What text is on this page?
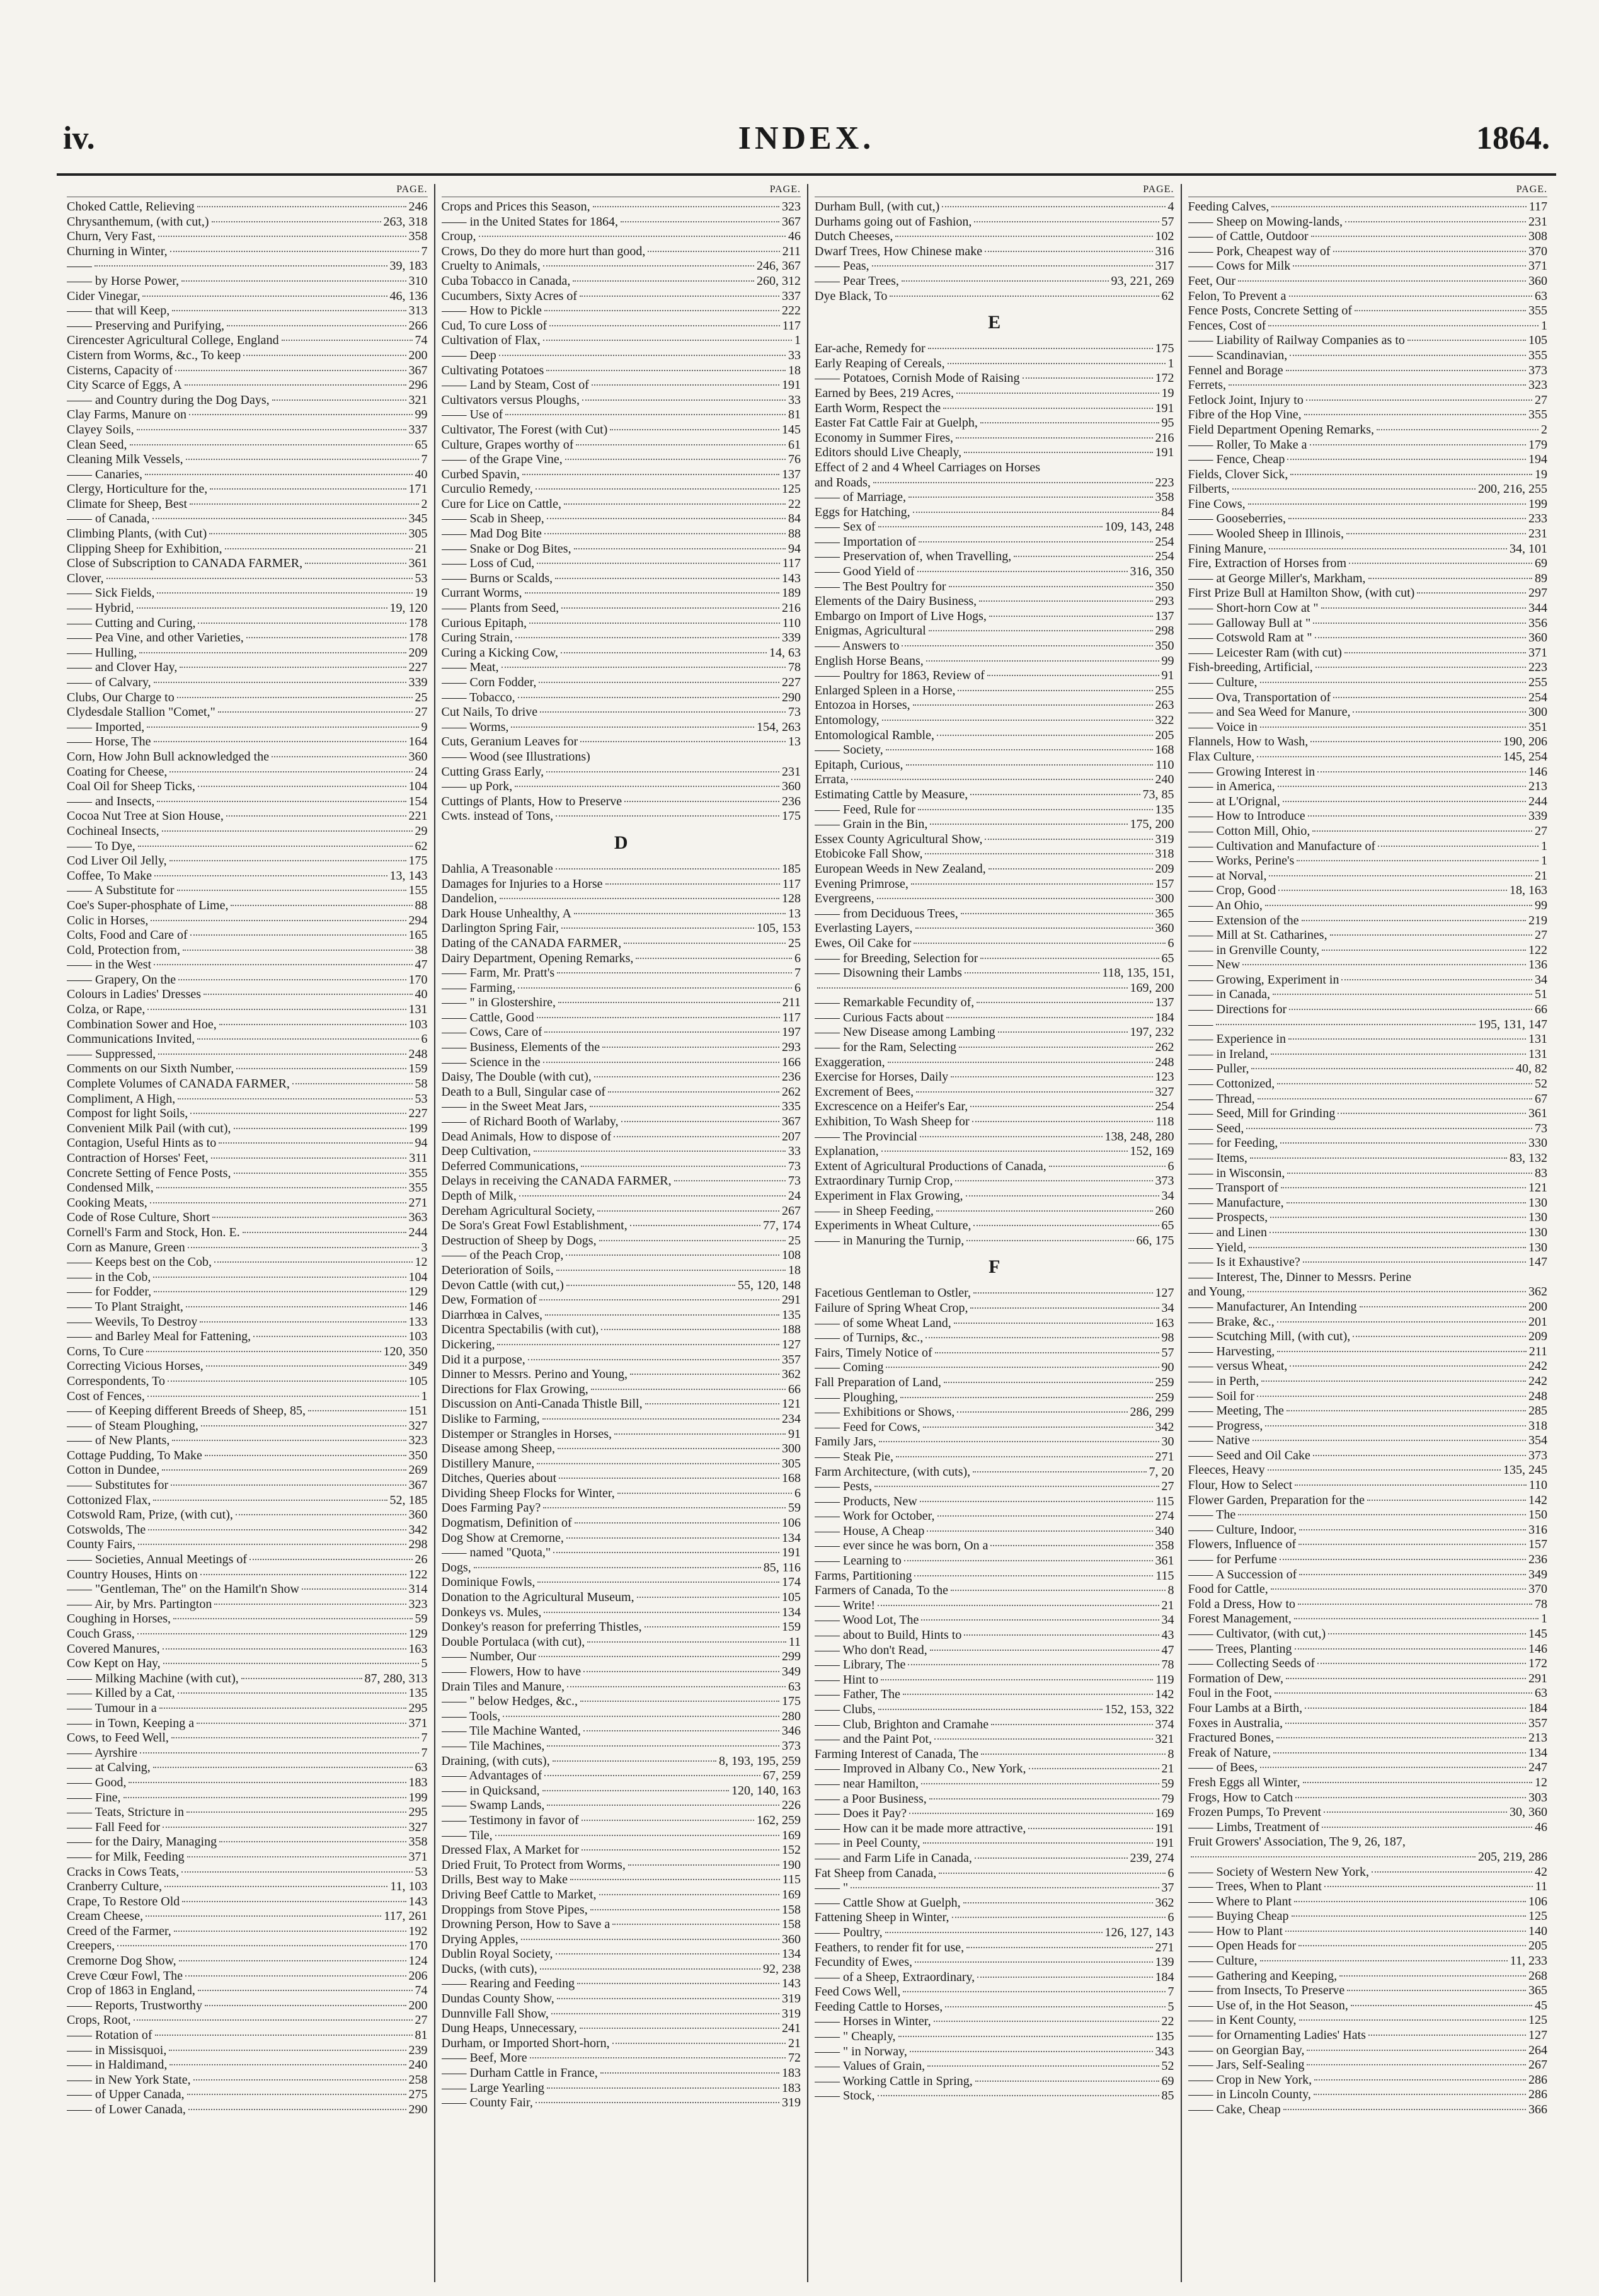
iv.	INDEX.	1864.
PAGE.
Choked Cattle, Relieving	246
Chrysanthemum, (with cut,)	263, 318
Churn, Very Fast,	358
Churning in Winter,	7
——	39, 183
—— by Horse Power,	310
Cider Vinegar,	46, 136
—— that will Keep,	313
—— Preserving and Purifying,	266
Cirencester Agricultural College, England	74
Cistern from Worms, &c., To keep	200
Cisterns, Capacity of	367
City Scarce of Eggs, A	296
—— and Country during the Dog Days,	321
Clay Farms, Manure on	99
Clayey Soils,	337
Clean Seed,	65
Cleaning Milk Vessels,	7
—— Canaries,	40
Clergy, Horticulture for the,	171
Climate for Sheep, Best	2
—— of Canada,	345
Climbing Plants, (with Cut)	305
Clipping Sheep for Exhibition,	21
Close of Subscription to CANADA FARMER,	361
Clover,	53
—— Sick Fields,	19
—— Hybrid,	19, 120
—— Cutting and Curing,	178
—— Pea Vine, and other Varieties,	178
—— Hulling,	209
—— and Clover Hay,	227
—— of Calvary,	339
Clubs, Our Charge to	25
Clydesdale Stallion "Comet,"	27
—— Imported,	9
—— Horse, The	164
Corn, How John Bull acknowledged the	360
Coating for Cheese,	24
Coal Oil for Sheep Ticks,	104
—— and Insects,	154
Cocoa Nut Tree at Sion House,	221
Cochineal Insects,	29
—— To Dye,	62
Cod Liver Oil Jelly,	175
Coffee, To Make	13, 143
—— A Substitute for	155
Coe's Super-phosphate of Lime,	88
Colic in Horses,	294
Colts, Food and Care of	165
Cold, Protection from,	38
—— in the West	47
—— Grapery, On the	170
Colours in Ladies' Dresses	40
Colza, or Rape,	131
Combination Sower and Hoe,	103
Communications Invited,	6
—— Suppressed,	248
Comments on our Sixth Number,	159
Complete Volumes of CANADA FARMER,	58
Compliment, A High,	53
Compost for light Soils,	227
Convenient Milk Pail (with cut),	199
Contagion, Useful Hints as to	94
Contraction of Horses' Feet,	311
Concrete Setting of Fence Posts,	355
Condensed Milk,	355
Cooking Meats,	271
Code of Rose Culture, Short	363
Cornell's Farm and Stock, Hon. E.	244
Corn as Manure, Green	3
—— Keeps best on the Cob,	12
—— in the Cob,	104
—— for Fodder,	129
—— To Plant Straight,	146
—— Weevils, To Destroy	133
—— and Barley Meal for Fattening,	103
Corns, To Cure	120, 350
Correcting Vicious Horses,	349
Correspondents, To	105
Cost of Fences,	1
—— of Keeping different Breeds of Sheep, 85,	151
—— of Steam Ploughing,	327
—— of New Plants,	323
Cottage Pudding, To Make	350
Cotton in Dundee,	269
—— Substitutes for	367
Cottonized Flax,	52, 185
Cotswold Ram, Prize, (with cut),	360
Cotswolds, The	342
County Fairs,	298
—— Societies, Annual Meetings of	26
Country Houses, Hints on	122
—— "Gentleman, The" on the Hamilt'n Show	314
—— Air, by Mrs. Partington	323
Coughing in Horses,	59
Couch Grass,	129
Covered Manures,	163
Cow Kept on Hay,	5
—— Milking Machine (with cut),	87, 280, 313
—— Killed by a Cat,	135
—— Tumour in a	295
—— in Town, Keeping a	371
Cows, to Feed Well,	7
—— Ayrshire	7
—— at Calving,	63
—— Good,	183
—— Fine,	199
—— Teats, Stricture in	295
—— Fall Feed for	327
—— for the Dairy, Managing	358
—— for Milk, Feeding	371
Cracks in Cows Teats,	53
Cranberry Culture,	11, 103
Crape, To Restore Old	143
Cream Cheese,	117, 261
Creed of the Farmer,	192
Creepers,	170
Cremorne Dog Show,	124
Creve Cœur Fowl, The	206
Crop of 1863 in England,	74
—— Reports, Trustworthy	200
Crops, Root,	27
—— Rotation of	81
—— in Missisquoi,	239
—— in Haldimand,	240
—— in New York State,	258
—— of Upper Canada,	275
—— of Lower Canada,	290
PAGE.
Crops and Prices this Season,	323
—— in the United States for 1864,	367
Croup,	46
Crows, Do they do more hurt than good,	211
Cruelty to Animals,	246, 367
Cuba Tobacco in Canada,	260, 312
Cucumbers, Sixty Acres of	337
—— How to Pickle	222
Cud, To cure Loss of	117
Cultivation of Flax,	1
—— Deep	33
Cultivating Potatoes	18
—— Land by Steam, Cost of	191
Cultivators versus Ploughs,	33
—— Use of	81
Cultivator, The Forest (with Cut)	145
Culture, Grapes worthy of	61
—— of the Grape Vine,	76
Curbed Spavin,	137
Curculio Remedy,	125
Cure for Lice on Cattle,	22
—— Scab in Sheep,	84
—— Mad Dog Bite	88
—— Snake or Dog Bites,	94
—— Loss of Cud,	117
—— Burns or Scalds,	143
Currant Worms,	189
—— Plants from Seed,	216
Curious Epitaph,	110
Curing Strain,	339
Curing a Kicking Cow,	14, 63
—— Meat,	78
—— Corn Fodder,	227
—— Tobacco,	290
Cut Nails, To drive	73
—— Worms,	154, 263
Cuts, Geranium Leaves for	13
—— Wood (see Illustrations)
Cutting Grass Early,	231
—— up Pork,	360
Cuttings of Plants, How to Preserve	236
Cwts. instead of Tons,	175
D
Dahlia, A Treasonable	185
Damages for Injuries to a Horse	117
Dandelion,	128
Dark House Unhealthy, A	13
Darlington Spring Fair,	105, 153
Dating of the CANADA FARMER,	25
Dairy Department, Opening Remarks,	6
—— Farm, Mr. Pratt's	7
—— Farming,	6
—— " in Glostershire,	211
—— Cattle, Good	117
—— Cows, Care of	197
—— Business, Elements of the	293
—— Science in the	166
Daisy, The Double (with cut),	236
Death to a Bull, Singular case of	262
—— in the Sweet Meat Jars,	335
—— of Richard Booth of Warlaby,	367
Dead Animals, How to dispose of	207
Deep Cultivation,	33
Deferred Communications,	73
Delays in receiving the CANADA FARMER,	73
Depth of Milk,	24
Dereham Agricultural Society,	267
De Sora's Great Fowl Establishment,	77, 174
Destruction of Sheep by Dogs,	25
—— of the Peach Crop,	108
Deterioration of Soils,	18
Devon Cattle (with cut,)	55, 120, 148
Dew, Formation of	291
Diarrhœa in Calves,	135
Dicentra Spectabilis (with cut),	188
Dickering,	127
Did it a purpose,	357
Dinner to Messrs. Perino and Young,	362
Directions for Flax Growing,	66
Discussion on Anti-Canada Thistle Bill,	121
Dislike to Farming,	234
Distemper or Strangles in Horses,	91
Disease among Sheep,	300
Distillery Manure,	305
Ditches, Queries about	168
Dividing Sheep Flocks for Winter,	6
Does Farming Pay?	59
Dogmatism, Definition of	106
Dog Show at Cremorne,	134
—— named "Quota,"	191
Dogs,	85, 116
Dominique Fowls,	174
Donation to the Agricultural Museum,	105
Donkeys vs. Mules,	134
Donkey's reason for preferring Thistles,	159
Double Portulaca (with cut),	11
—— Number, Our	299
—— Flowers, How to have	349
Drain Tiles and Manure,	63
—— " below Hedges, &c.,	175
—— Tools,	280
—— Tile Machine Wanted,	346
—— Tile Machines,	373
Draining, (with cuts),	8, 193, 195, 259
—— Advantages of	67, 259
—— in Quicksand,	120, 140, 163
—— Swamp Lands,	226
—— Testimony in favor of	162, 259
—— Tile,	169
Dressed Flax, A Market for	152
Dried Fruit, To Protect from Worms,	190
Drills, Best way to Make	115
Driving Beef Cattle to Market,	169
Droppings from Stove Pipes,	158
Drowning Person, How to Save a	158
Drying Apples,	360
Dublin Royal Society,	134
Ducks, (with cuts),	92, 238
—— Rearing and Feeding	143
Dundas County Show,	319
Dunnville Fall Show,	319
Dung Heaps, Unnecessary,	241
Durham, or Imported Short-horn,	21
—— Beef, More	72
—— Durham Cattle in France,	183
—— Large Yearling	183
—— County Fair,	319
PAGE.
Durham Bull, (with cut,)	4
Durhams going out of Fashion,	57
Dutch Cheeses,	102
Dwarf Trees, How Chinese make	316
—— Peas,	317
—— Pear Trees,	93, 221, 269
Dye Black, To	62
E
Ear-ache, Remedy for	175
Early Reaping of Cereals,	1
—— Potatoes, Cornish Mode of Raising	172
Earned by Bees, 219 Acres,	19
Earth Worm, Respect the	191
Easter Fat Cattle Fair at Guelph,	95
Economy in Summer Fires,	216
Editors should Live Cheaply,	191
Effect of 2 and 4 Wheel Carriages on Horses
and Roads,	223
—— of Marriage,	358
Eggs for Hatching,	84
—— Sex of	109, 143, 248
—— Importation of	254
—— Preservation of, when Travelling,	254
—— Good Yield of	316, 350
—— The Best Poultry for	350
Elements of the Dairy Business,	293
Embargo on Import of Live Hogs,	137
Enigmas, Agricultural	298
—— Answers to	350
English Horse Beans,	99
—— Poultry for 1863, Review of	91
Enlarged Spleen in a Horse,	255
Entozoa in Horses,	263
Entomology,	322
Entomological Ramble,	205
—— Society,	168
Epitaph, Curious,	110
Errata,	240
Estimating Cattle by Measure,	73, 85
—— Feed, Rule for	135
—— Grain in the Bin,	175, 200
Essex County Agricultural Show,	319
Etobicoke Fall Show,	318
European Weeds in New Zealand,	209
Evening Primrose,	157
Evergreens,	300
—— from Deciduous Trees,	365
Everlasting Layers,	360
Ewes, Oil Cake for	6
—— for Breeding, Selection for	65
—— Disowning their Lambs	118, 135, 151,
169, 200
—— Remarkable Fecundity of,	137
—— Curious Facts about	184
—— New Disease among Lambing	197, 232
—— for the Ram, Selecting	262
Exaggeration,	248
Exercise for Horses, Daily	123
Excrement of Bees,	327
Excrescence on a Heifer's Ear,	254
Exhibition, To Wash Sheep for	118
—— The Provincial	138, 248, 280
Explanation,	152, 169
Extent of Agricultural Productions of Canada,	6
Extraordinary Turnip Crop,	373
Experiment in Flax Growing,	34
—— in Sheep Feeding,	260
Experiments in Wheat Culture,	65
—— in Manuring the Turnip,	66, 175
F
Facetious Gentleman to Ostler,	127
Failure of Spring Wheat Crop,	34
—— of some Wheat Land,	163
—— of Turnips, &c.,	98
Fairs, Timely Notice of	57
—— Coming	90
Fall Preparation of Land,	259
—— Ploughing,	259
—— Exhibitions or Shows,	286, 299
—— Feed for Cows,	342
Family Jars,	30
—— Steak Pie,	271
Farm Architecture, (with cuts),	7, 20
—— Pests,	27
—— Products, New	115
—— Work for October,	274
—— House, A Cheap	340
—— ever since he was born, On a	358
—— Learning to	361
Farms, Partitioning	115
Farmers of Canada, To the	8
—— Write!	21
—— Wood Lot, The	34
—— about to Build, Hints to	43
—— Who don't Read,	47
—— Library, The	78
—— Hint to	119
—— Father, The	142
—— Clubs,	152, 153, 322
—— Club, Brighton and Cramahe	374
—— and the Paint Pot,	321
Farming Interest of Canada, The	8
—— Improved in Albany Co., New York,	21
—— near Hamilton,	59
—— a Poor Business,	79
—— Does it Pay?	169
—— How can it be made more attractive,	191
—— in Peel County,	191
—— and Farm Life in Canada,	239, 274
Fat Sheep from Canada,	6
—— "	37
—— Cattle Show at Guelph,	362
Fattening Sheep in Winter,	6
—— Poultry,	126, 127, 143
Feathers, to render fit for use,	271
Fecundity of Ewes,	139
—— of a Sheep, Extraordinary,	184
Feed Cows Well,	7
Feeding Cattle to Horses,	5
—— Horses in Winter,	22
—— " Cheaply,	135
—— " in Norway,	343
—— Values of Grain,	52
—— Working Cattle in Spring,	69
—— Stock,	85
PAGE.
Feeding Calves,	117
—— Sheep on Mowing-lands,	231
—— of Cattle, Outdoor	308
—— Pork, Cheapest way of	370
—— Cows for Milk	371
Feet, Our	360
Felon, To Prevent a	63
Fence Posts, Concrete Setting of	355
Fences, Cost of	1
—— Liability of Railway Companies as to	105
—— Scandinavian,	355
Fennel and Borage	373
Ferrets,	323
Fetlock Joint, Injury to	27
Fibre of the Hop Vine,	355
Field Department Opening Remarks,	2
—— Roller, To Make a	179
—— Fence, Cheap	194
Fields, Clover Sick,	19
Filberts,	200, 216, 255
Fine Cows,	199
—— Gooseberries,	233
—— Wooled Sheep in Illinois,	231
Fining Manure,	34, 101
Fire, Extraction of Horses from	69
—— at George Miller's, Markham,	89
First Prize Bull at Hamilton Show, (with cut)	297
—— Short-horn Cow at "	344
—— Galloway Bull at "	356
—— Cotswold Ram at "	360
—— Leicester Ram (with cut)	371
Fish-breeding, Artificial,	223
—— Culture,	255
—— Ova, Transportation of	254
—— and Sea Weed for Manure,	300
—— Voice in	351
Flannels, How to Wash,	190, 206
Flax Culture,	145, 254
—— Growing Interest in	146
—— in America,	213
—— at L'Orignal,	244
—— How to Introduce	339
—— Cotton Mill, Ohio,	27
—— Cultivation and Manufacture of	1
—— Works, Perine's	1
—— at Norval,	21
—— Crop, Good	18, 163
—— An Ohio,	99
—— Extension of the	219
—— Mill at St. Catharines,	27
—— in Grenville County,	122
—— New	136
—— Growing, Experiment in	34
—— in Canada,	51
—— Directions for	66
——	195, 131, 147
—— Experience in	131
—— in Ireland,	131
—— Puller,	40, 82
—— Cottonized,	52
—— Thread,	67
—— Seed, Mill for Grinding	361
—— Seed,	73
—— for Feeding,	330
—— Items,	83, 132
—— in Wisconsin,	83
—— Transport of	121
—— Manufacture,	130
—— Prospects,	130
—— and Linen	130
—— Yield,	130
—— Is it Exhaustive?	147
—— Interest, The, Dinner to Messrs. Perine
and Young,	362
—— Manufacturer, An Intending	200
—— Brake, &c.,	201
—— Scutching Mill, (with cut),	209
—— Harvesting,	211
—— versus Wheat,	242
—— in Perth,	242
—— Soil for	248
—— Meeting, The	285
—— Progress,	318
—— Native	354
—— Seed and Oil Cake	373
Fleeces, Heavy	135, 245
Flour, How to Select	110
Flower Garden, Preparation for the	142
—— The	150
—— Culture, Indoor,	316
Flowers, Influence of	157
—— for Perfume	236
—— A Succession of	349
Food for Cattle,	370
Fold a Dress, How to	78
Forest Management,	1
—— Cultivator, (with cut,)	145
—— Trees, Planting	146
—— Collecting Seeds of	172
Formation of Dew,	291
Foul in the Foot,	63
Four Lambs at a Birth,	184
Foxes in Australia,	357
Fractured Bones,	213
Freak of Nature,	134
—— of Bees,	247
Fresh Eggs all Winter,	12
Frogs, How to Catch	303
Frozen Pumps, To Prevent	30, 360
—— Limbs, Treatment of	46
Fruit Growers' Association, The 9, 26, 187,
205, 219, 286
—— Society of Western New York,	42
—— Trees, When to Plant	11
—— Where to Plant	106
—— Buying Cheap	125
—— How to Plant	140
—— Open Heads for	205
—— Culture,	11, 233
—— Gathering and Keeping,	268
—— from Insects, To Preserve	365
—— Use of, in the Hot Season,	45
—— in Kent County,	125
—— for Ornamenting Ladies' Hats	127
—— on Georgian Bay,	264
—— Jars, Self-Sealing	267
—— Crop in New York,	286
—— in Lincoln County,	286
—— Cake, Cheap	366
